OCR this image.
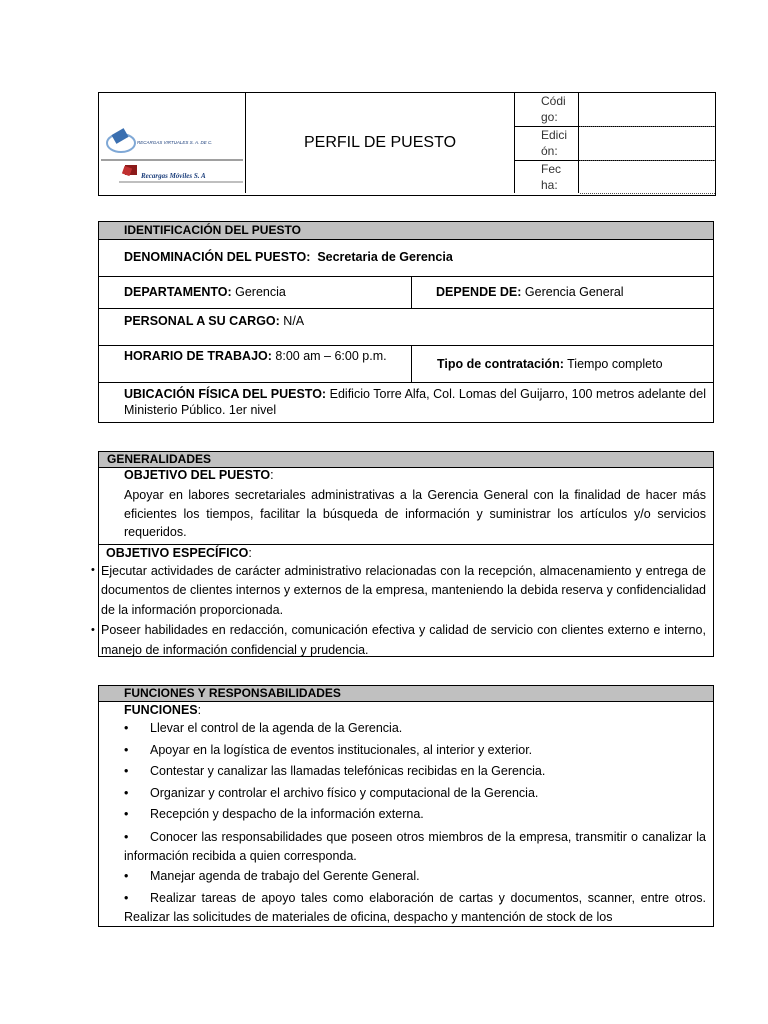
RECARGAS VIRTUALES S. A. DE C.
Recargas Móviles S. A
PERFIL DE PUESTO
Códi
go:
Edici
ón:
Fec
ha:
IDENTIFICACIÓN DEL PUESTO
DENOMINACIÓN DEL PUESTO: Secretaria de Gerencia
DEPARTAMENTO: Gerencia	DEPENDE DE: Gerencia General
PERSONAL A SU CARGO: N/A
HORARIO DE TRABAJO: 8:00 am – 6:00 p.m.
Tipo de contratación: Tiempo completo
UBICACIÓN FÍSICA DEL PUESTO: Edificio Torre Alfa, Col. Lomas del Guijarro, 100 metros adelante del Ministerio Público. 1er nivel
GENERALIDADES
OBJETIVO DEL PUESTO:
Apoyar en labores secretariales administrativas a la Gerencia General con la finalidad de hacer más eficientes los tiempos, facilitar la búsqueda de información y suministrar los artículos y/o servicios requeridos.
OBJETIVO ESPECÍFICO:
• Ejecutar actividades de carácter administrativo relacionadas con la recepción, almacenamiento y entrega de documentos de clientes internos y externos de la empresa, manteniendo la debida reserva y confidencialidad de la información proporcionada.
• Poseer habilidades en redacción, comunicación efectiva y calidad de servicio con clientes externo e interno, manejo de información confidencial y prudencia.
FUNCIONES Y RESPONSABILIDADES
FUNCIONES:
• Llevar el control de la agenda de la Gerencia.
• Apoyar en la logística de eventos institucionales, al interior y exterior.
• Contestar y canalizar las llamadas telefónicas recibidas en la Gerencia.
• Organizar y controlar el archivo físico y computacional de la Gerencia.
• Recepción y despacho de la información externa.
• Conocer las responsabilidades que poseen otros miembros de la empresa, transmitir o canalizar la información recibida a quien corresponda.
• Manejar agenda de trabajo del Gerente General.
• Realizar tareas de apoyo tales como elaboración de cartas y documentos, scanner, entre otros. Realizar las solicitudes de materiales de oficina, despacho y mantención de stock de los
